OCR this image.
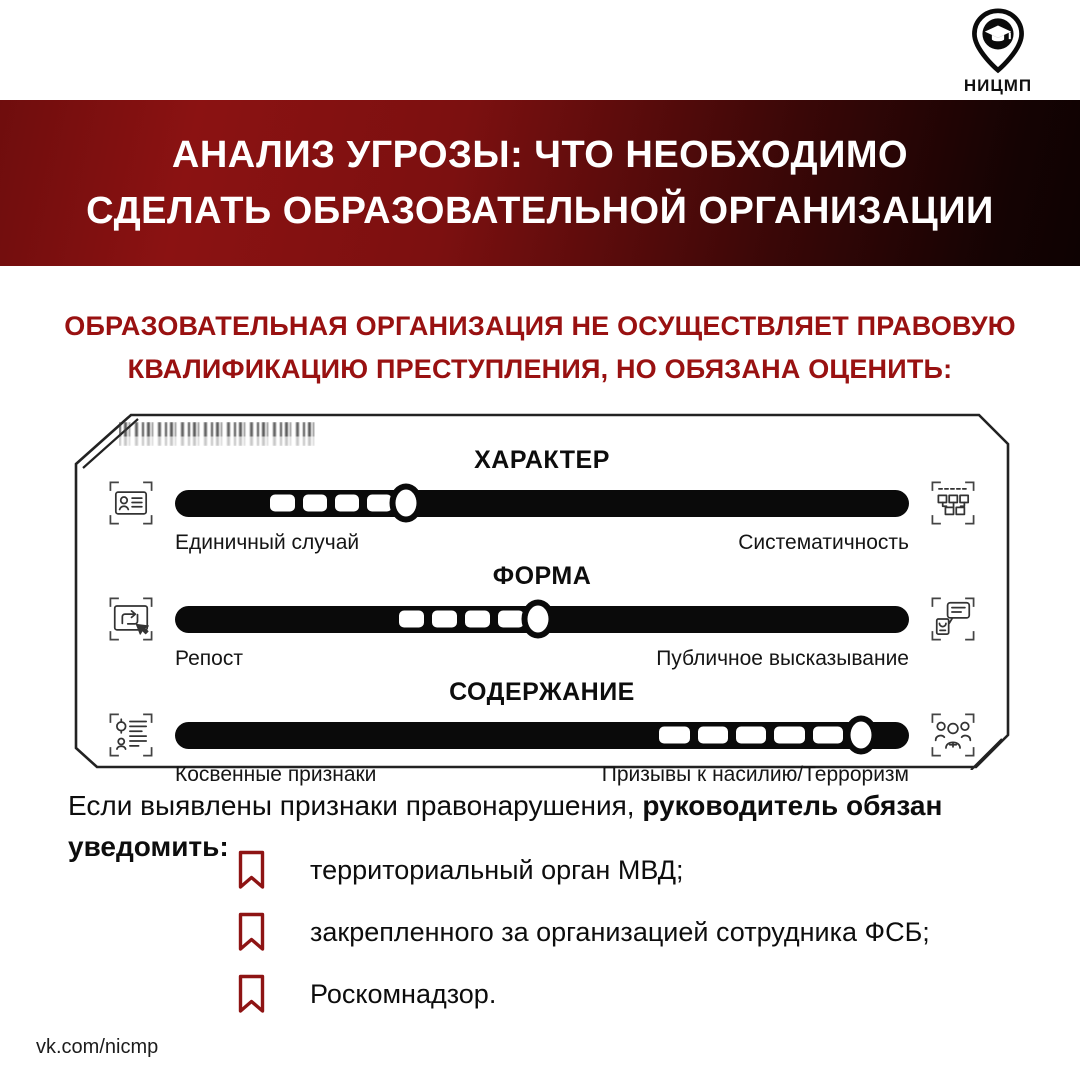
НИЦМП
АНАЛИЗ УГРОЗЫ: ЧТО НЕОБХОДИМО
СДЕЛАТЬ ОБРАЗОВАТЕЛЬНОЙ ОРГАНИЗАЦИИ
ОБРАЗОВАТЕЛЬНАЯ ОРГАНИЗАЦИЯ НЕ ОСУЩЕСТВЛЯЕТ ПРАВОВУЮ
КВАЛИФИКАЦИЮ ПРЕСТУПЛЕНИЯ, НО ОБЯЗАНА ОЦЕНИТЬ:
ХАРАКТЕР
Единичный случай	Систематичность
ФОРМА
Репост	Публичное высказывание
СОДЕРЖАНИЕ
Косвенные признаки	Призывы к насилию/Терроризм
Если выявлены признаки правонарушения, руководитель обязан уведомить:
территориальный орган МВД;
закрепленного за организацией сотрудника ФСБ;
Роскомнадзор.
vk.com/nicmp
